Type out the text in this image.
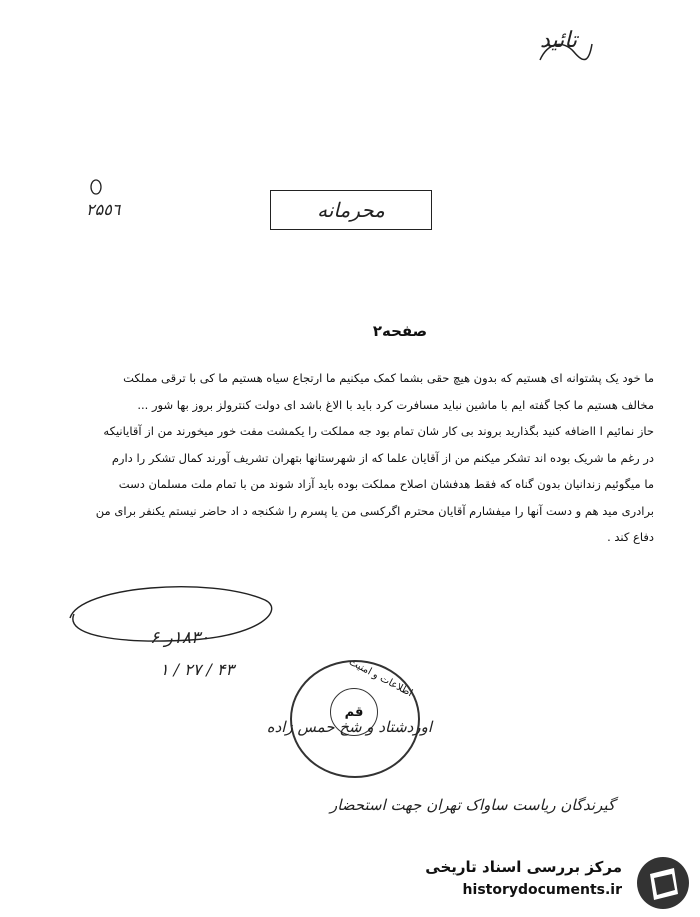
ﺗﺎﺋﻴﺪ
٢۵٥٦	محرمانه
صفحه٢
ما خود یک پشتوانه ای هستیم که بدون هیچ حقی بشما کمک میکنیم ما ارتجاع سیاه هستیم ما کی با ترقی مملکت
مخالف هستیم ما کجا گفته ایم با ماشین نباید مسافرت کرد باید با الاغ باشد ای دولت کنترولز بروز بها شور ...
حاز نمائیم ا ااضافه کنید بگذارید بروند بی کار شان تمام بود جه مملکت را یکمشت مفت خور میخورند من از آقایانیکه
در رغم ما شریک بوده اند تشکر میکنم من از آقایان علما که از شهرستانها بتهران تشریف آورند کمال تشکر را دارم
ما میگوئیم زندانیان بدون گناه که فقط هدفشان اصلاح مملکت بوده باید آزاد شوند من با تمام ملت مسلمان دست
برادری مید هم و دست آنها را میفشارم آقایان محترم اگرکسی من یا پسرم را شکنجه د اد حاضر نیستم یکنفر برای من
دفاع کند .
١٨٣٠ر ۶
٢٧ / ١ / ۴٣	اطلاعات و امنیت
قم
اوردشتاد و شخ حمس زاده
گیرندگان ریاست ساواک تهران جهت استحضار
مرکز بررسی اسناد تاریخی
historydocuments.ir
